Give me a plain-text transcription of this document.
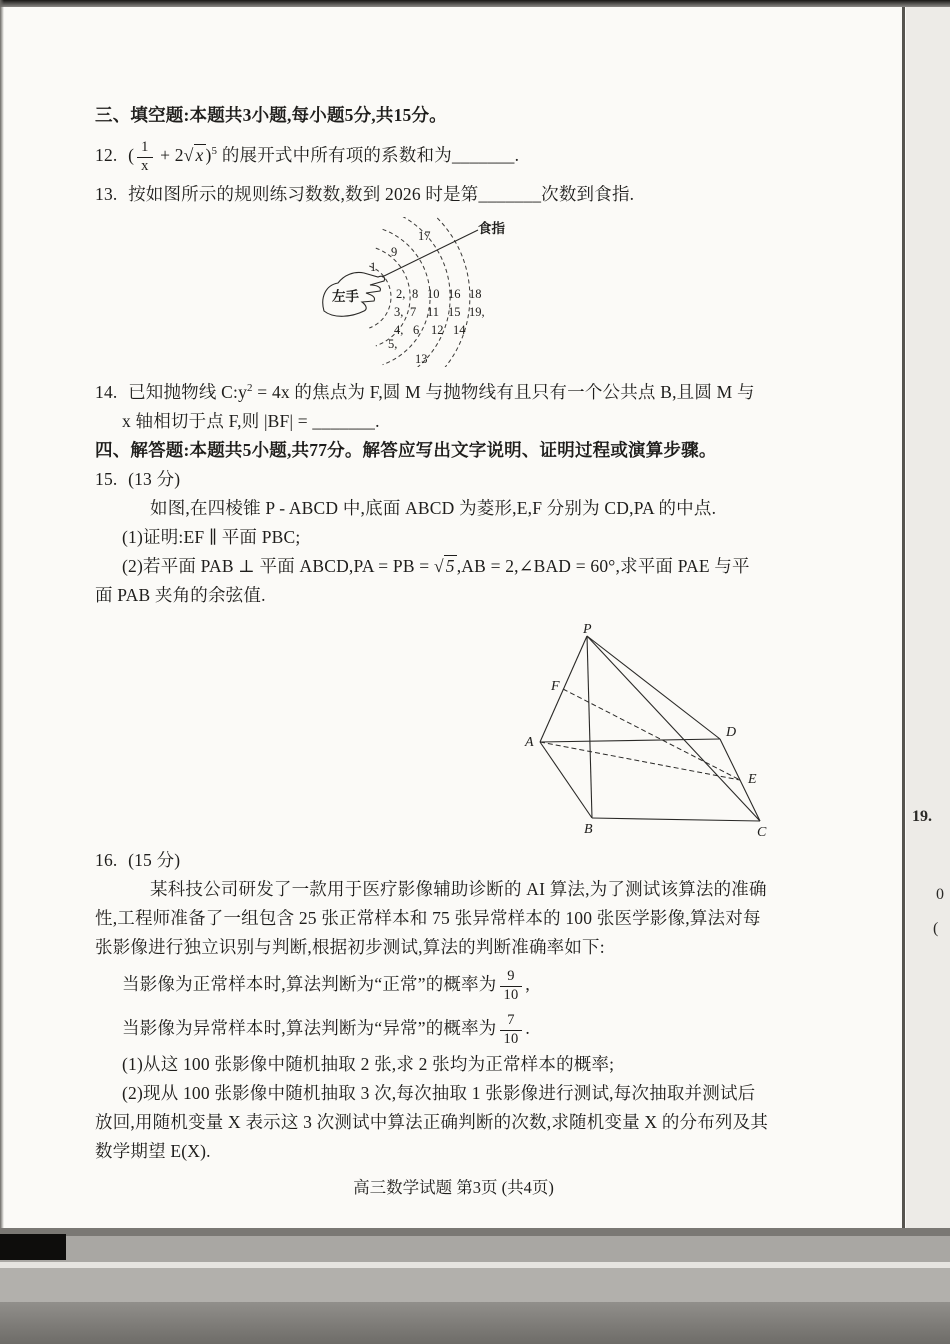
三、填空题:本题共3小题,每小题5分,共15分。
12. ( $\frac{1}{x} + 2√$ x )$^5$ 的展开式中所有项的系数和为_______.
13. 按如图所示的规则练习数数,数到 2026 时是第_______次数到食指.
食指
左手
17
9
1
2, 8 10 16 18
3, 7 11 15 19,
4, 6 12 14
5,
13
14. 已知抛物线 $C:y^2 = 4x$ 的焦点为 F,圆 M 与抛物线有且只有一个公共点 B,且圆 M 与
x 轴相切于点 F,则 |BF| = _______.
四、解答题:本题共5小题,共77分。解答应写出文字说明、证明过程或演算步骤。
15. (13 分)
如图,在四棱锥 P - ABCD 中,底面 ABCD 为菱形,E,F 分别为 CD,PA 的中点.
(1)证明:EF ∥ 平面 PBC;
(2)若平面 PAB ⊥ 平面 ABCD,PA = PB = √ 5 ,AB = 2,∠BAD = 60°,求平面 PAE 与平
面 PAB 夹角的余弦值.
P
F
A
D
E
B	C
16. (15 分)
某科技公司研发了一款用于医疗影像辅助诊断的 AI 算法,为了测试该算法的准确
性,工程师准备了一组包含 25 张正常样本和 75 张异常样本的 100 张医学影像,算法对每
张影像进行独立识别与判断,根据初步测试,算法的判断准确率如下:
当影像为正常样本时,算法判断为“正常”的概率为 $\frac{9}{10}$ ,
当影像为异常样本时,算法判断为“异常”的概率为 $\frac{7}{10}$ .
(1)从这 100 张影像中随机抽取 2 张,求 2 张均为正常样本的概率;
(2)现从 100 张影像中随机抽取 3 次,每次抽取 1 张影像进行测试,每次抽取并测试后
放回,用随机变量 X 表示这 3 次测试中算法正确判断的次数,求随机变量 X 的分布列及其
数学期望 E(X).
高三数学试题 第3页 (共4页)
19.
0
(
